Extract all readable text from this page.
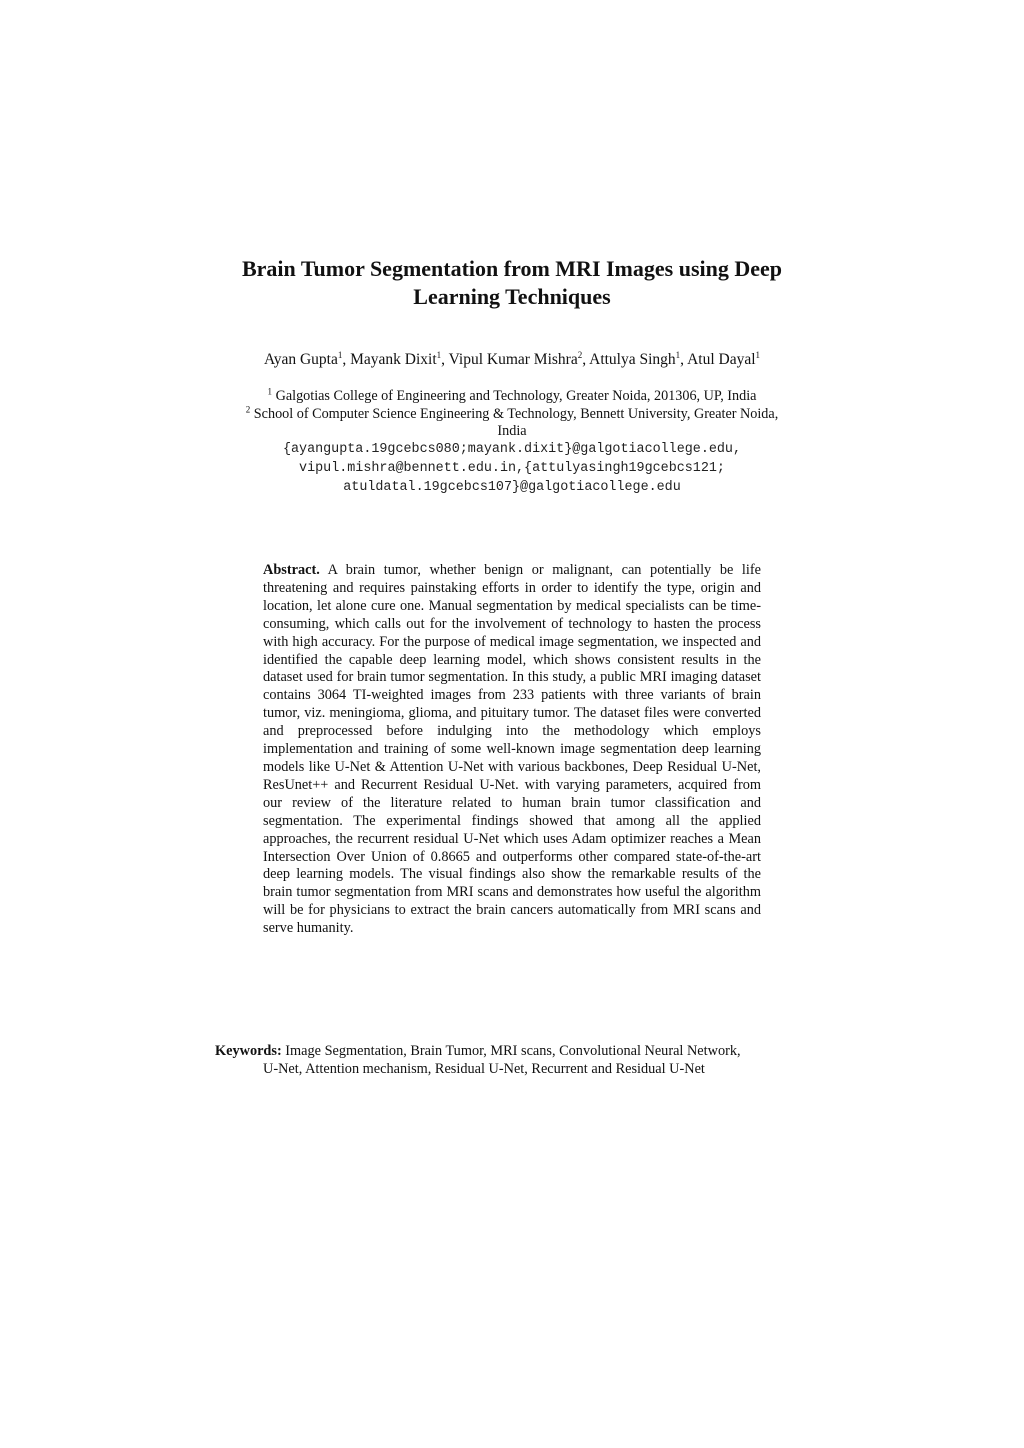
Brain Tumor Segmentation from MRI Images using Deep
Learning Techniques
Ayan Gupta$^1$, Mayank Dixit$^1$, Vipul Kumar Mishra$^2$, Attulya Singh$^1$, Atul Dayal$^1$
$^1$ Galgotias College of Engineering and Technology, Greater Noida, 201306, UP, India
$^2$ School of Computer Science Engineering & Technology, Bennett University, Greater Noida,
India
{ayangupta.19gcebcs080;mayank.dixit}@galgotiacollege.edu,
vipul.mishra@bennett.edu.in,{attulyasingh19gcebcs121;
atuldatal.19gcebcs107}@galgotiacollege.edu

Abstract. A brain tumor, whether benign or malignant, can potentially be life threatening and requires painstaking efforts in order to identify the type, origin and location, let alone cure one. Manual segmentation by medical specialists can be time-consuming, which calls out for the involvement of technology to hasten the process with high accuracy. For the purpose of medical image segmentation, we inspected and identified the capable deep learning model, which shows consistent results in the dataset used for brain tumor segmentation. In this study, a public MRI imaging dataset contains 3064 TI-weighted images from 233 patients with three variants of brain tumor, viz. meningioma, glioma, and pituitary tumor. The dataset files were converted and preprocessed before indulging into the methodology which employs implementation and training of some well-known image segmentation deep learning models like U-Net & Attention U-Net with various backbones, Deep Residual U-Net, ResUnet++ and Recurrent Residual U-Net. with varying parameters, acquired from our review of the literature related to human brain tumor classification and segmentation. The experimental findings showed that among all the applied approaches, the recurrent residual U-Net which uses Adam optimizer reaches a Mean Intersection Over Union of 0.8665 and outperforms other compared state-of-the-art deep learning models. The visual findings also show the remarkable results of the brain tumor segmentation from MRI scans and demonstrates how useful the algorithm will be for physicians to extract the brain cancers automatically from MRI scans and serve humanity.

Keywords: Image Segmentation, Brain Tumor, MRI scans, Convolutional Neural Network,
U-Net, Attention mechanism, Residual U-Net, Recurrent and Residual U-Net
